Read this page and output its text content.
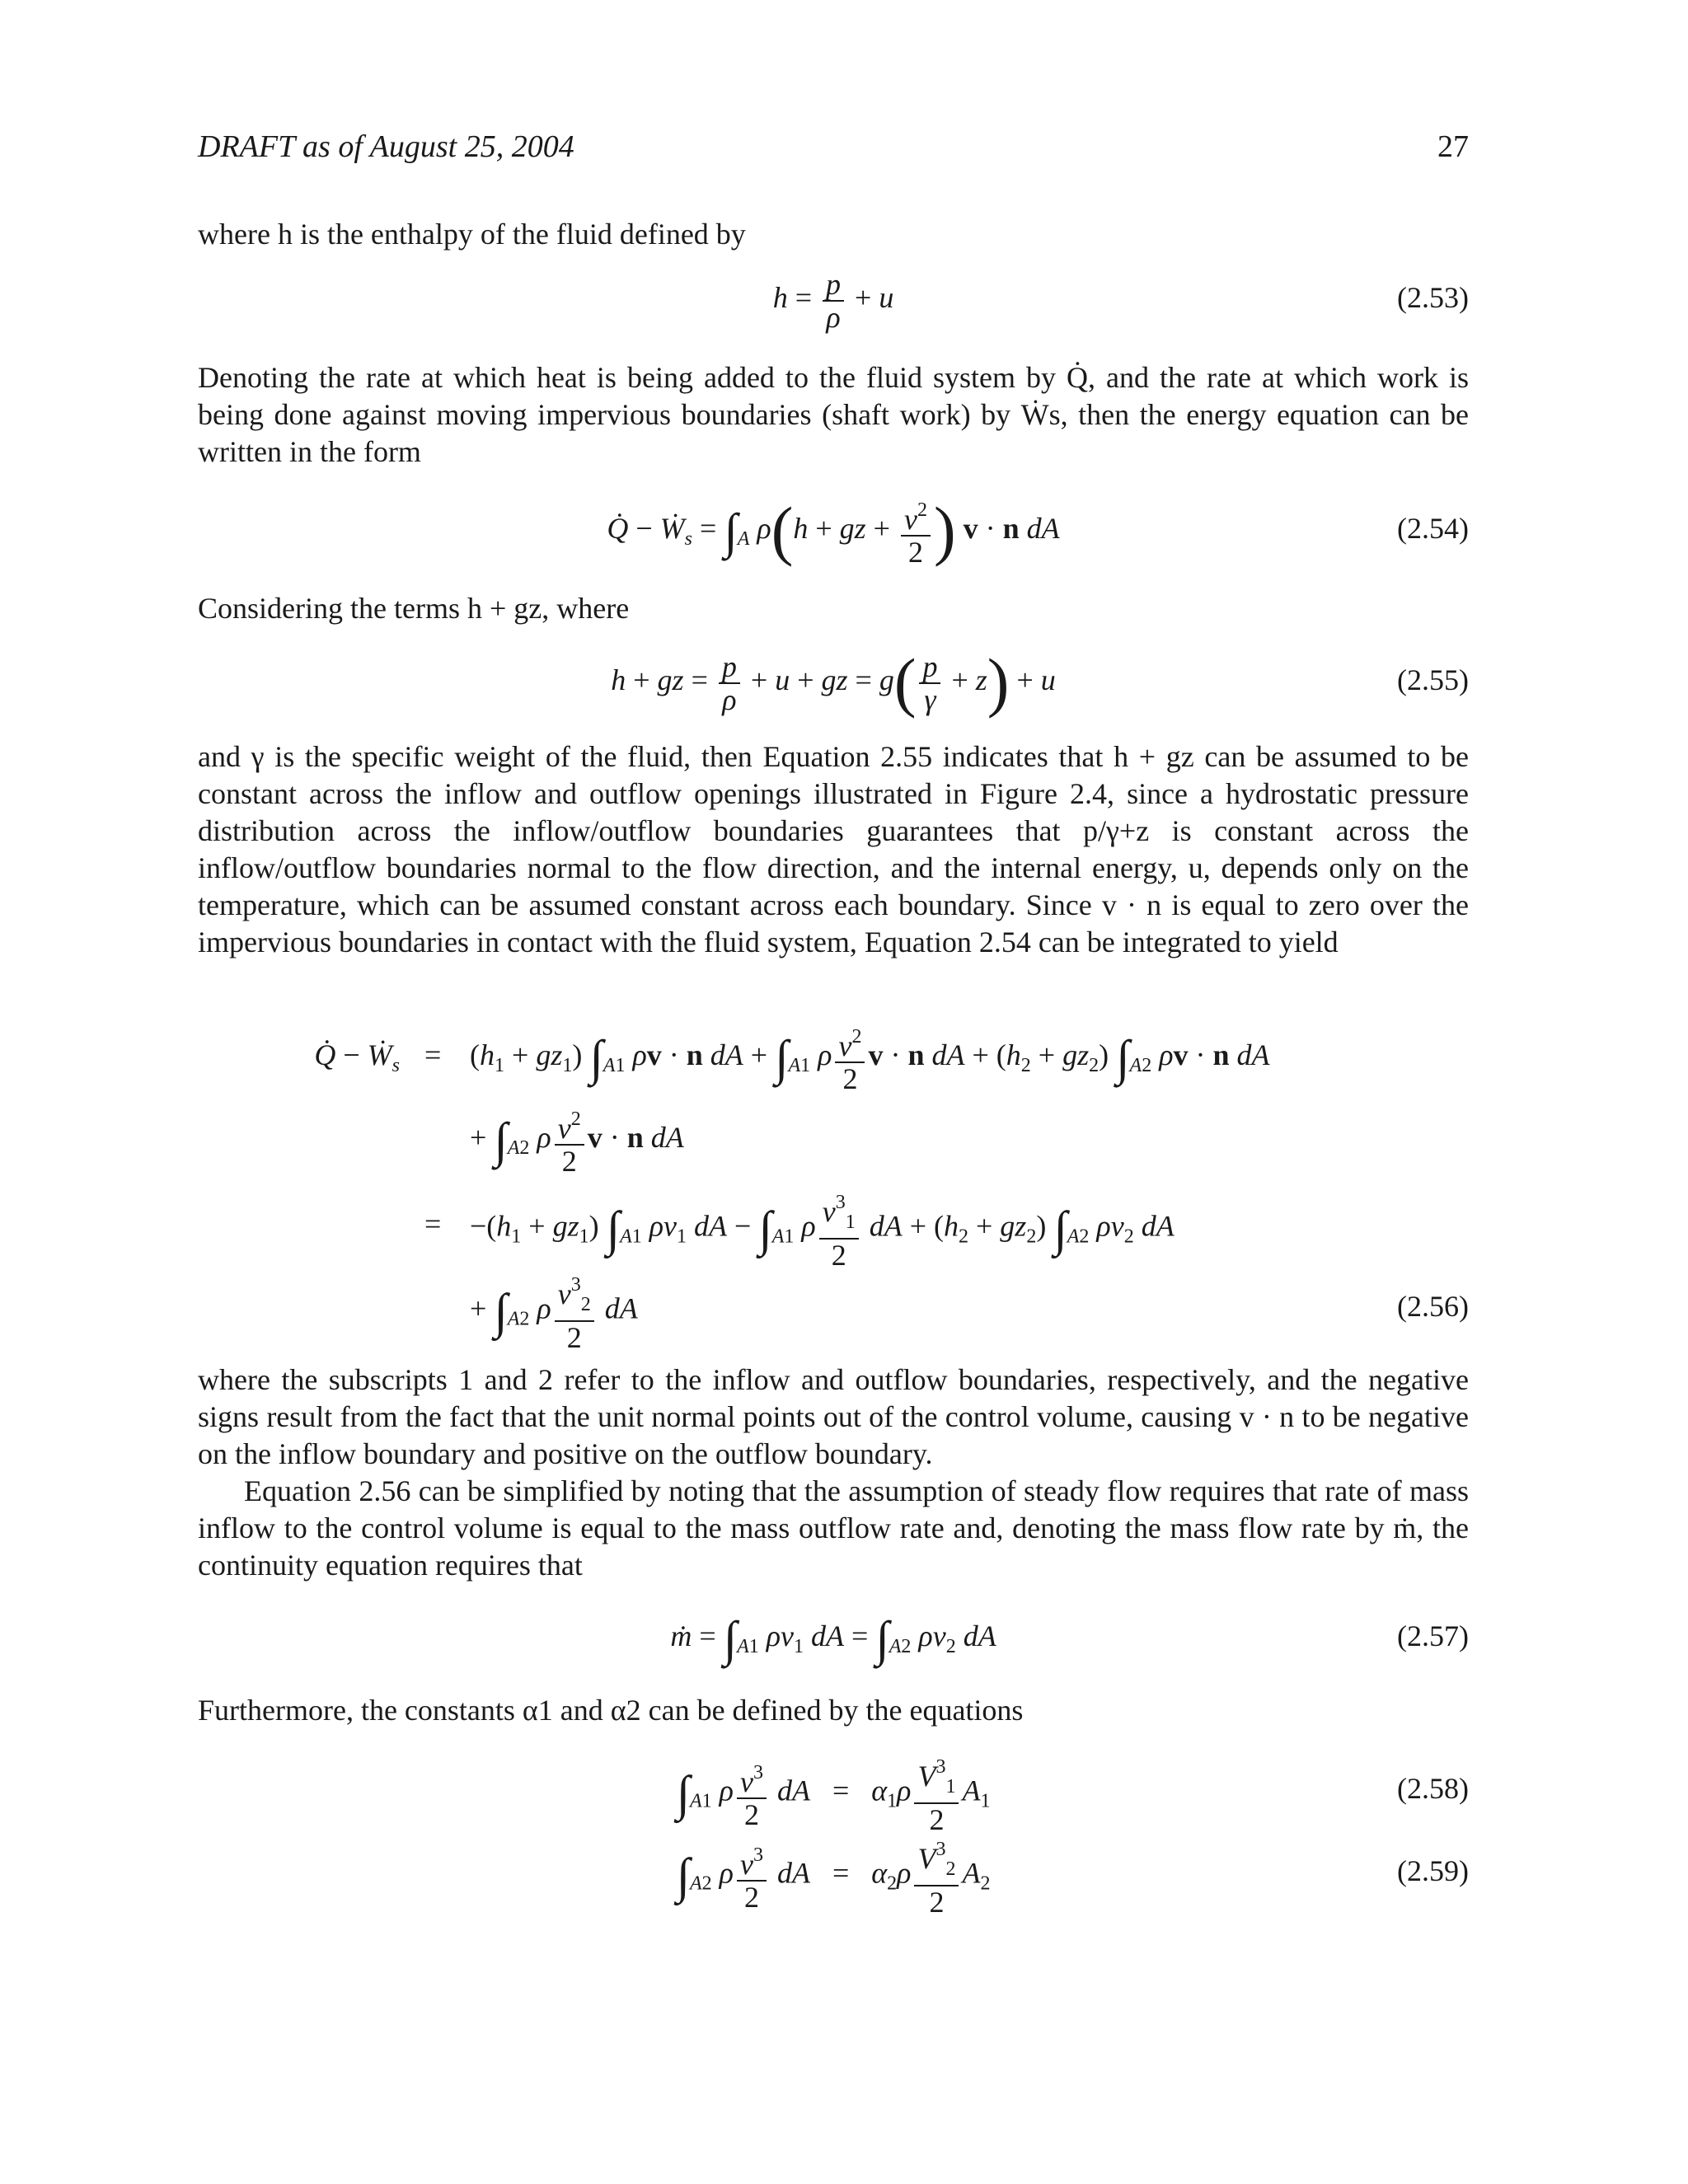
DRAFT as of August 25, 2004	27
where h is the enthalpy of the fluid defined by
$h = \frac{p}{\rho} + u$	(2.53)
Denoting the rate at which heat is being added to the fluid system by Q̇, and the rate at which work is being done against moving impervious boundaries (shaft work) by Ẇs, then the energy equation can be written in the form
Q̇ − Ẇ$_s$ = $\int_A$ ρ(h + gz + $\frac{v^2}{2}$ ) v · n dA	(2.54)
Considering the terms h + gz, where
h + gz = $\frac{p}{\rho} + u$ + gz = $g( \frac{p}{\gamma} + z) + u$	(2.55)
and γ is the specific weight of the fluid, then Equation 2.55 indicates that h + gz can be assumed to be constant across the inflow and outflow openings illustrated in Figure 2.4, since a hydrostatic pressure distribution across the inflow/outflow boundaries guarantees that p/γ+z is constant across the inflow/outflow boundaries normal to the flow direction, and the internal energy, u, depends only on the temperature, which can be assumed constant across each boundary. Since v · n is equal to zero over the impervious boundaries in contact with the fluid system, Equation 2.54 can be integrated to yield
Q̇ − Ẇ$_s$ = $(h_1 + gz_1)$ $\int_{A1}$ ρv · n dA + $\int_{A1}$ ρ $\frac{v^2}{2}$ v · n dA + $(h_2 + gz_2)$ $\int_{A2}$ ρv · n dA
+ $\int_{A2}$ ρ $\frac{v^2}{2}$ v · n dA
= $-(h_1 + gz_1)$ $\int_{A1}$ $\rho v_1$ dA − $\int_{A1}$ ρ $\frac{v^3_1}{2}$ dA + $(h_2 + gz_2)$ $\int_{A2}$ $\rho v_2$ dA
+ $\int_{A2}$ ρ $\frac{v^3_2}{2}$ dA	(2.56)
where the subscripts 1 and 2 refer to the inflow and outflow boundaries, respectively, and the negative signs result from the fact that the unit normal points out of the control volume, causing v · n to be negative on the inflow boundary and positive on the outflow boundary.
Equation 2.56 can be simplified by noting that the assumption of steady flow requires that rate of mass inflow to the control volume is equal to the mass outflow rate and, denoting the mass flow rate by ṁ, the continuity equation requires that
ṁ = $\int_{A1}$ $\rho v_1$ dA = $\int_{A2}$ $\rho v_2$ dA	(2.57)
Furthermore, the constants α1 and α2 can be defined by the equations
$\int_{A1}$ ρ $\frac{v^3}{2}$ dA   =   $\alpha_1\rho \frac{V^3_1}{2} A_1$	(2.58)
$\int_{A2}$ ρ $\frac{v^3}{2}$ dA   =   $\alpha_2\rho \frac{V^3_2}{2} A_2$	(2.59)
